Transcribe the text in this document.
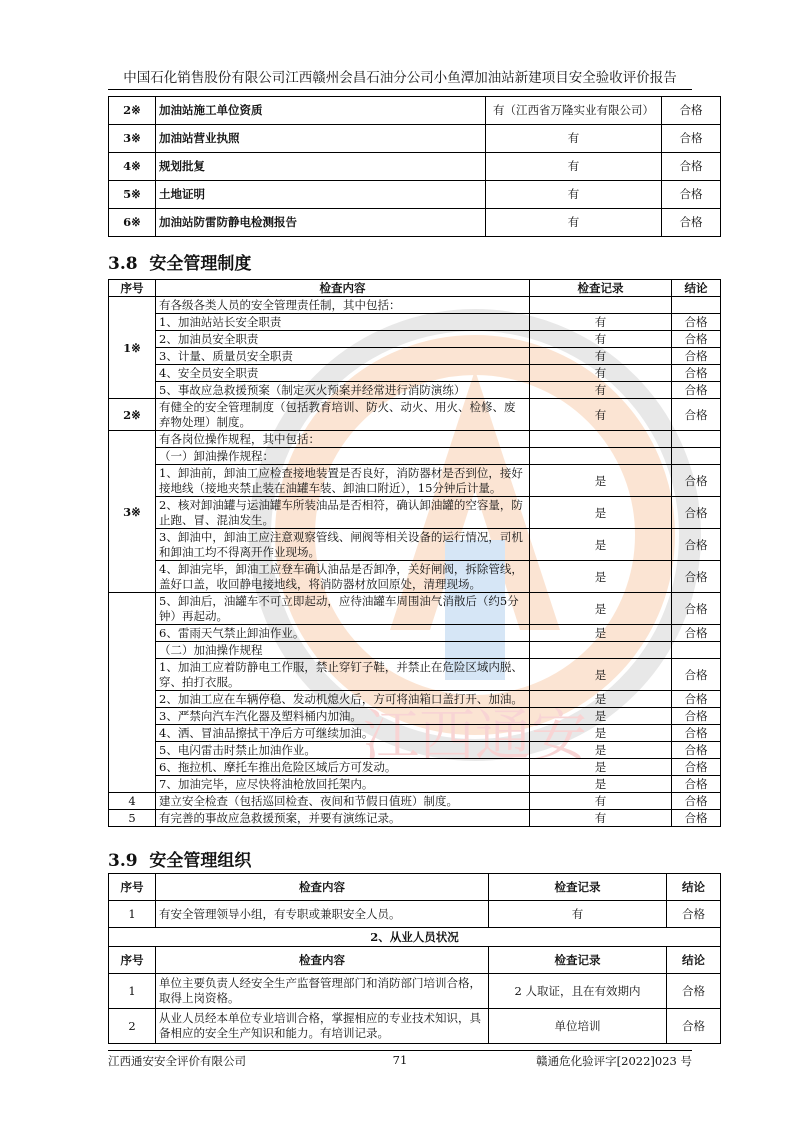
中国石化销售股份有限公司江西赣州会昌石油分公司小鱼潭加油站新建项目安全验收评价报告
江西通安
2※	加油站施工单位资质	有（江西省万隆实业有限公司）	合格
3※	加油站营业执照	有	合格
4※	规划批复	有	合格
5※	土地证明	有	合格
6※	加油站防雷防静电检测报告	有	合格
3.8 安全管理制度
序号	检查内容	检查记录	结论
1※	有各级各类人员的安全管理责任制，其中包括：		
	1、加油站站长安全职责	有	合格
	2、加油员安全职责	有	合格
	3、计量、质量员安全职责	有	合格
	4、安全员安全职责	有	合格
	5、事故应急救援预案（制定灭火预案并经常进行消防演练）	有	合格
2※	有健全的安全管理制度（包括教育培训、防火、动火、用火、检修、废弃物处理）制度。	有	合格
3※	有各岗位操作规程，其中包括：		
	（一）卸油操作规程：		
	1、卸油前，卸油工应检查接地装置是否良好，消防器材是否到位，接好接地线（接地夹禁止装在油罐车装、卸油口附近），15分钟后计量。	是	合格
	2、核对卸油罐与运油罐车所装油品是否相符，确认卸油罐的空容量，防止跑、冒、混油发生。	是	合格
	3、卸油中，卸油工应注意观察管线、闸阀等相关设备的运行情况，司机和卸油工均不得离开作业现场。	是	合格
	4、卸油完毕，卸油工应登车确认油品是否卸净，关好闸阀，拆除管线，盖好口盖，收回静电接地线，将消防器材放回原处，清理现场。	是	合格
	5、卸油后，油罐车不可立即起动，应待油罐车周围油气消散后（约5分钟）再起动。	是	合格
	6、雷雨天气禁止卸油作业。	是	合格
	（二）加油操作规程		
	1、加油工应着防静电工作服，禁止穿钉子鞋，并禁止在危险区域内脱、穿、拍打衣服。	是	合格
	2、加油工应在车辆停稳、发动机熄火后，方可将油箱口盖打开、加油。	是	合格
	3、严禁向汽车汽化器及塑料桶内加油。	是	合格
	4、洒、冒油品擦拭干净后方可继续加油。	是	合格
	5、电闪雷击时禁止加油作业。	是	合格
	6、拖拉机、摩托车推出危险区域后方可发动。	是	合格
	7、加油完毕，应尽快将油枪放回托架内。	是	合格
4	建立安全检查（包括巡回检查、夜间和节假日值班）制度。	有	合格
5	有完善的事故应急救援预案，并要有演练记录。	有	合格
3.9 安全管理组织
序号	检查内容	检查记录	结论
1	有安全管理领导小组，有专职或兼职安全人员。	有	合格
2、从业人员状况			
序号	检查内容	检查记录	结论
1	单位主要负责人经安全生产监督管理部门和消防部门培训合格，取得上岗资格。	2 人取证，且在有效期内	合格
2	从业人员经本单位专业培训合格，掌握相应的专业技术知识，具备相应的安全生产知识和能力。有培训记录。	单位培训	合格
江西通安安全评价有限公司	71	赣通危化验评字[2022]023 号
